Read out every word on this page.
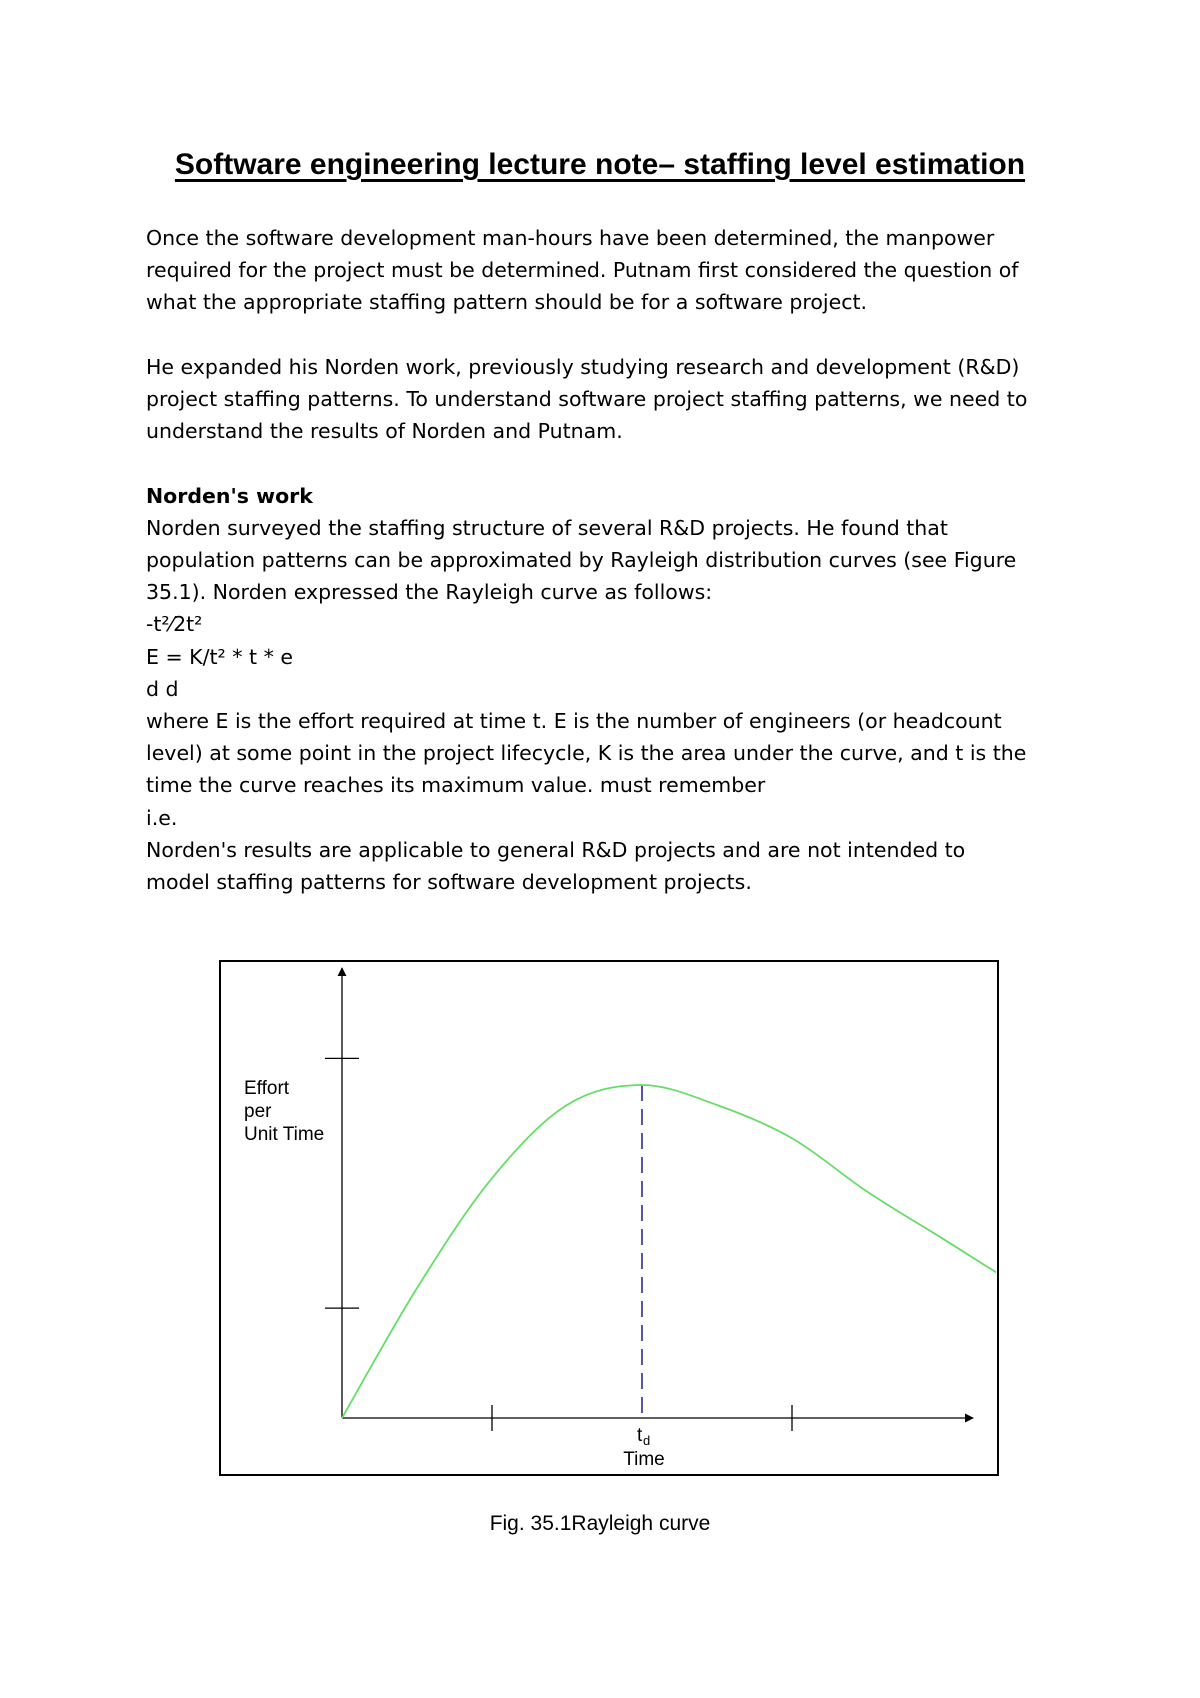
Software engineering lecture note– staffing level estimation

Once the software development man-hours have been determined, the manpower

required for the project must be determined. Putnam first considered the question of

what the appropriate staffing pattern should be for a software project.

He expanded his Norden work, previously studying research and development (R&D)

project staffing patterns. To understand software project staffing patterns, we need to

understand the results of Norden and Putnam.

Norden's work

Norden surveyed the staffing structure of several R&D projects. He found that

population patterns can be approximated by Rayleigh distribution curves (see Figure

35.1). Norden expressed the Rayleigh curve as follows:

-t²⁄2t²

E = K/t² * t * e

d d

where E is the effort required at time t. E is the number of engineers (or headcount

level) at some point in the project lifecycle, K is the area under the curve, and t is the

time the curve reaches its maximum value. must remember

i.e.

Norden's results are applicable to general R&D projects and are not intended to

model staffing patterns for software development projects.

Effort
per
Unit Time
t d
Time
Fig. 35.1Rayleigh curve
